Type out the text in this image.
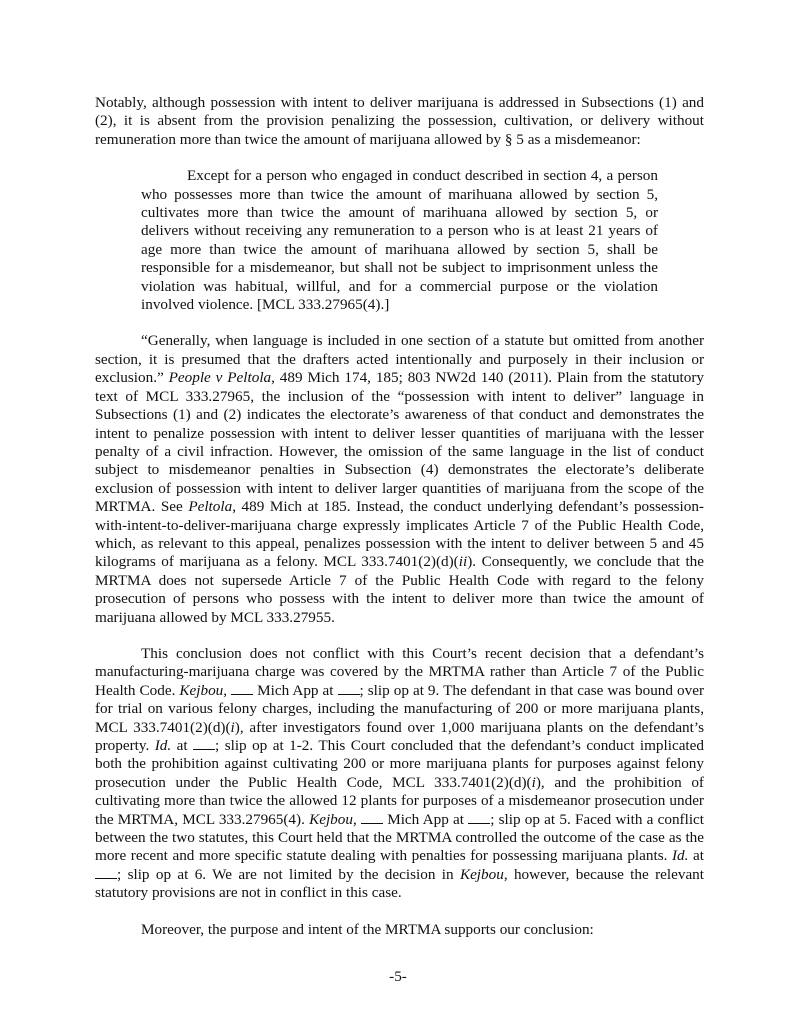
Notably, although possession with intent to deliver marijuana is addressed in Subsections (1) and (2), it is absent from the provision penalizing the possession, cultivation, or delivery without remuneration more than twice the amount of marijuana allowed by § 5 as a misdemeanor:

Except for a person who engaged in conduct described in section 4, a person who possesses more than twice the amount of marihuana allowed by section 5, cultivates more than twice the amount of marihuana allowed by section 5, or delivers without receiving any remuneration to a person who is at least 21 years of age more than twice the amount of marihuana allowed by section 5, shall be responsible for a misdemeanor, but shall not be subject to imprisonment unless the violation was habitual, willful, and for a commercial purpose or the violation involved violence. [MCL 333.27965(4).]

“Generally, when language is included in one section of a statute but omitted from another section, it is presumed that the drafters acted intentionally and purposely in their inclusion or exclusion.” People v Peltola, 489 Mich 174, 185; 803 NW2d 140 (2011). Plain from the statutory text of MCL 333.27965, the inclusion of the “possession with intent to deliver” language in Subsections (1) and (2) indicates the electorate’s awareness of that conduct and demonstrates the intent to penalize possession with intent to deliver lesser quantities of marijuana with the lesser penalty of a civil infraction. However, the omission of the same language in the list of conduct subject to misdemeanor penalties in Subsection (4) demonstrates the electorate’s deliberate exclusion of possession with intent to deliver larger quantities of marijuana from the scope of the MRTMA. See Peltola, 489 Mich at 185. Instead, the conduct underlying defendant’s possession-with-intent-to-deliver-marijuana charge expressly implicates Article 7 of the Public Health Code, which, as relevant to this appeal, penalizes possession with the intent to deliver between 5 and 45 kilograms of marijuana as a felony. MCL 333.7401(2)(d)(ii). Consequently, we conclude that the MRTMA does not supersede Article 7 of the Public Health Code with regard to the felony prosecution of persons who possess with the intent to deliver more than twice the amount of marijuana allowed by MCL 333.27955.

This conclusion does not conflict with this Court’s recent decision that a defendant’s manufacturing-marijuana charge was covered by the MRTMA rather than Article 7 of the Public Health Code. Kejbou,  Mich App at ; slip op at 9. The defendant in that case was bound over for trial on various felony charges, including the manufacturing of 200 or more marijuana plants, MCL 333.7401(2)(d)(i), after investigators found over 1,000 marijuana plants on the defendant’s property. Id. at ; slip op at 1-2. This Court concluded that the defendant’s conduct implicated both the prohibition against cultivating 200 or more marijuana plants for purposes against felony prosecution under the Public Health Code, MCL 333.7401(2)(d)(i), and the prohibition of cultivating more than twice the allowed 12 plants for purposes of a misdemeanor prosecution under the MRTMA, MCL 333.27965(4). Kejbou,  Mich App at ; slip op at 5. Faced with a conflict between the two statutes, this Court held that the MRTMA controlled the outcome of the case as the more recent and more specific statute dealing with penalties for possessing marijuana plants. Id. at ; slip op at 6. We are not limited by the decision in Kejbou, however, because the relevant statutory provisions are not in conflict in this case.

Moreover, the purpose and intent of the MRTMA supports our conclusion:

-5-
